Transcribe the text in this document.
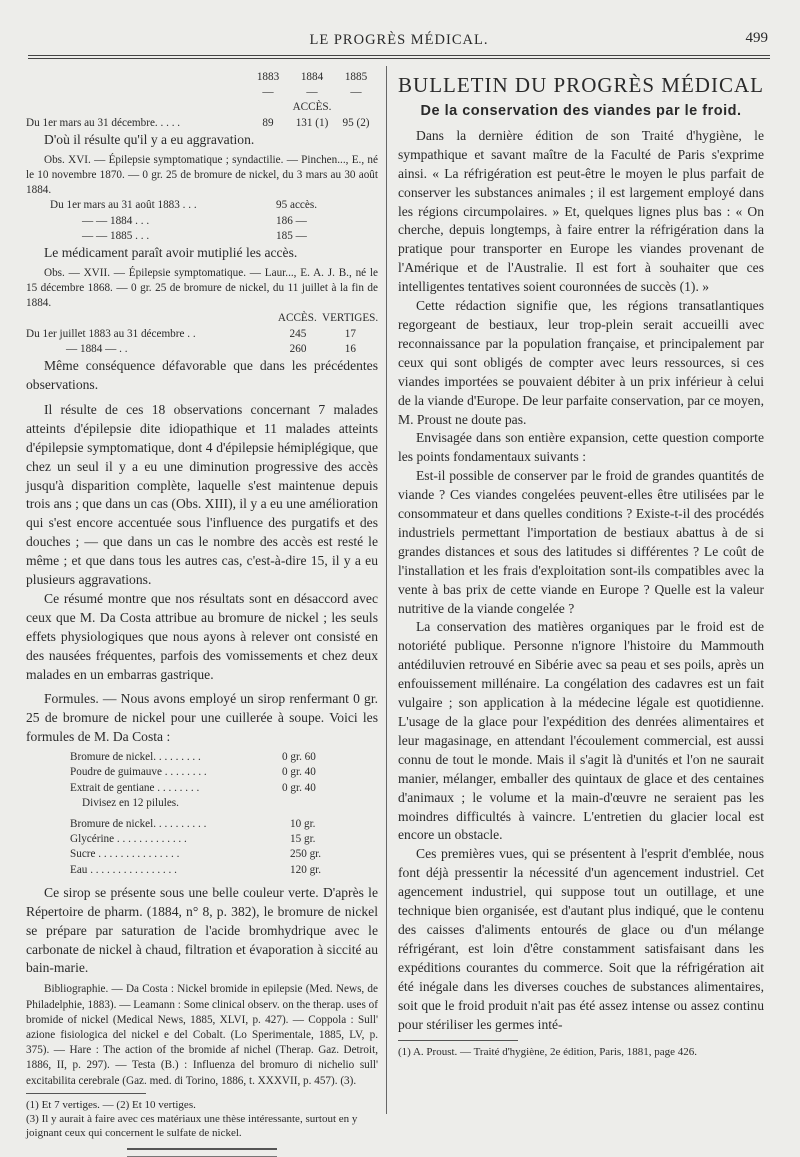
LE PROGRÈS MÉDICAL.	499
1883	1884	1885
—	—	—
ACCÈS.
Du 1er mars au 31 décembre. . . . .	89	131 (1)	95 (2)

D'où il résulte qu'il y a eu aggravation.

Obs. XVI. — Épilepsie symptomatique ; syndactilie. — Pinchen..., E., né le 10 novembre 1870. — 0 gr. 25 de bromure de nickel, du 3 mars au 30 août 1884.

Du 1er mars au 31 août 1883 . . .	95 accès.
— — 1884 . . .	186 —
— — 1885 . . .	185 —

Le médicament paraît avoir mutiplié les accès.

Obs. — XVII. — Épilepsie symptomatique. — Laur..., E. A. J. B., né le 15 décembre 1868. — 0 gr. 25 de bromure de nickel, du 11 juillet à la fin de 1884.

ACCÈS. VERTIGES.
Du 1er juillet 1883 au 31 décembre . .	245	17
— 1884 — . .	260	16

Même conséquence défavorable que dans les précédentes observations.

Il résulte de ces 18 observations concernant 7 malades atteints d'épilepsie dite idiopathique et 11 malades atteints d'épilepsie symptomatique, dont 4 d'épilepsie hémiplégique, que chez un seul il y a eu une diminution progressive des accès jusqu'à disparition complète, laquelle s'est maintenue depuis trois ans ; que dans un cas (Obs. XIII), il y a eu une amélioration qui s'est encore accentuée sous l'influence des purgatifs et des douches ; — que dans un cas le nombre des accès est resté le même ; et que dans tous les autres cas, c'est-à-dire 15, il y a eu plusieurs aggravations.

Ce résumé montre que nos résultats sont en désaccord avec ceux que M. Da Costa attribue au bromure de nickel ; les seuls effets physiologiques que nous ayons à relever ont consisté en des nausées fréquentes, parfois des vomissements et chez deux malades en un embarras gastrique.

Formules. — Nous avons employé un sirop renfermant 0 gr. 25 de bromure de nickel pour une cuillerée à soupe. Voici les formules de M. Da Costa :

Bromure de nickel. . . . . . . . .	0 gr. 60
Poudre de guimauve . . . . . . . .	0 gr. 40
Extrait de gentiane . . . . . . . .	0 gr. 40
Divisez en 12 pilules.
Bromure de nickel. . . . . . . . . .	10 gr.
Glycérine . . . . . . . . . . . . .	15 gr.
Sucre . . . . . . . . . . . . . . .	250 gr.
Eau . . . . . . . . . . . . . . . .	120 gr.

Ce sirop se présente sous une belle couleur verte. D'après le Répertoire de pharm. (1884, n° 8, p. 382), le bromure de nickel se prépare par saturation de l'acide bromhydrique avec le carbonate de nickel à chaud, filtration et évaporation à siccité au bain-marie.

Bibliographie. — Da Costa : Nickel bromide in epilepsie (Med. News, de Philadelphie, 1883). — Leamann : Some clinical observ. on the therap. uses of bromide of nickel (Medical News, 1885, XLVI, p. 427). — Coppola : Sull' azione fisiologica del nickel e del Cobalt. (Lo Sperimentale, 1885, LV, p. 375). — Hare : The action of the bromide af nichel (Therap. Gaz. Detroit, 1886, II, p. 297). — Testa (B.) : Influenza del bromuro di nichelio sull' excitabilita cerebrale (Gaz. med. di Torino, 1886, t. XXXVII, p. 457). (3).

(1) Et 7 vertiges. — (2) Et 10 vertiges.
(3) Il y aurait à faire avec ces matériaux une thèse intéressante, surtout en y joignant ceux qui concernent le sulfate de nickel.
BULLETIN DU PROGRÈS MÉDICAL
De la conservation des viandes par le froid.

Dans la dernière édition de son Traité d'hygiène, le sympathique et savant maître de la Faculté de Paris s'exprime ainsi. « La réfrigération est peut-être le moyen le plus parfait de conserver les substances animales ; il est largement employé dans les régions circumpolaires. » Et, quelques lignes plus bas : « On cherche, depuis longtemps, à faire entrer la réfrigération dans la pratique pour transporter en Europe les viandes provenant de l'Amérique et de l'Australie. Il est fort à souhaiter que ces intelligentes tentatives soient couronnées de succès (1). »

Cette rédaction signifie que, les régions transatlantiques regorgeant de bestiaux, leur trop-plein serait accueilli avec reconnaissance par la population française, et principalement par ceux qui sont obligés de compter avec leurs ressources, si ces viandes importées se pouvaient débiter à un prix inférieur à celui de la viande d'Europe. De leur parfaite conservation, par ce moyen, M. Proust ne doute pas.

Envisagée dans son entière expansion, cette question comporte les points fondamentaux suivants :

Est-il possible de conserver par le froid de grandes quantités de viande ? Ces viandes congelées peuvent-elles être utilisées par le consommateur et dans quelles conditions ? Existe-t-il des procédés industriels permettant l'importation de bestiaux abattus à de si grandes distances et sous des latitudes si différentes ? Le coût de l'installation et les frais d'exploitation sont-ils compatibles avec la vente à bas prix de cette viande en Europe ? Quelle est la valeur nutritive de la viande congelée ?

La conservation des matières organiques par le froid est de notoriété publique. Personne n'ignore l'histoire du Mammouth antédiluvien retrouvé en Sibérie avec sa peau et ses poils, après un enfouissement millénaire. La congélation des cadavres est un fait vulgaire ; son application à la médecine légale est quotidienne. L'usage de la glace pour l'expédition des denrées alimentaires et leur magasinage, en attendant l'écoulement commercial, est aussi connu de tout le monde. Mais il s'agit là d'unités et l'on ne saurait manier, mélanger, emballer des quintaux de glace et des centaines d'animaux ; le volume et la main-d'œuvre ne seraient pas les moindres difficultés à vaincre. L'entretien du glacier local est encore un obstacle.

Ces premières vues, qui se présentent à l'esprit d'emblée, nous font déjà pressentir la nécessité d'un agencement industriel. Cet agencement industriel, qui suppose tout un outillage, et une technique bien organisée, est d'autant plus indiqué, que le contenu des caisses d'aliments entourés de glace ou d'un mélange réfrigérant, est loin d'être constamment satisfaisant dans les expéditions courantes du commerce. Soit que la réfrigération ait été inégale dans les diverses couches de substances alimentaires, soit que le froid produit n'ait pas été assez intense ou assez continu pour stériliser les germes inté-

(1) A. Proust. — Traité d'hygiène, 2e édition, Paris, 1881, page 426.
